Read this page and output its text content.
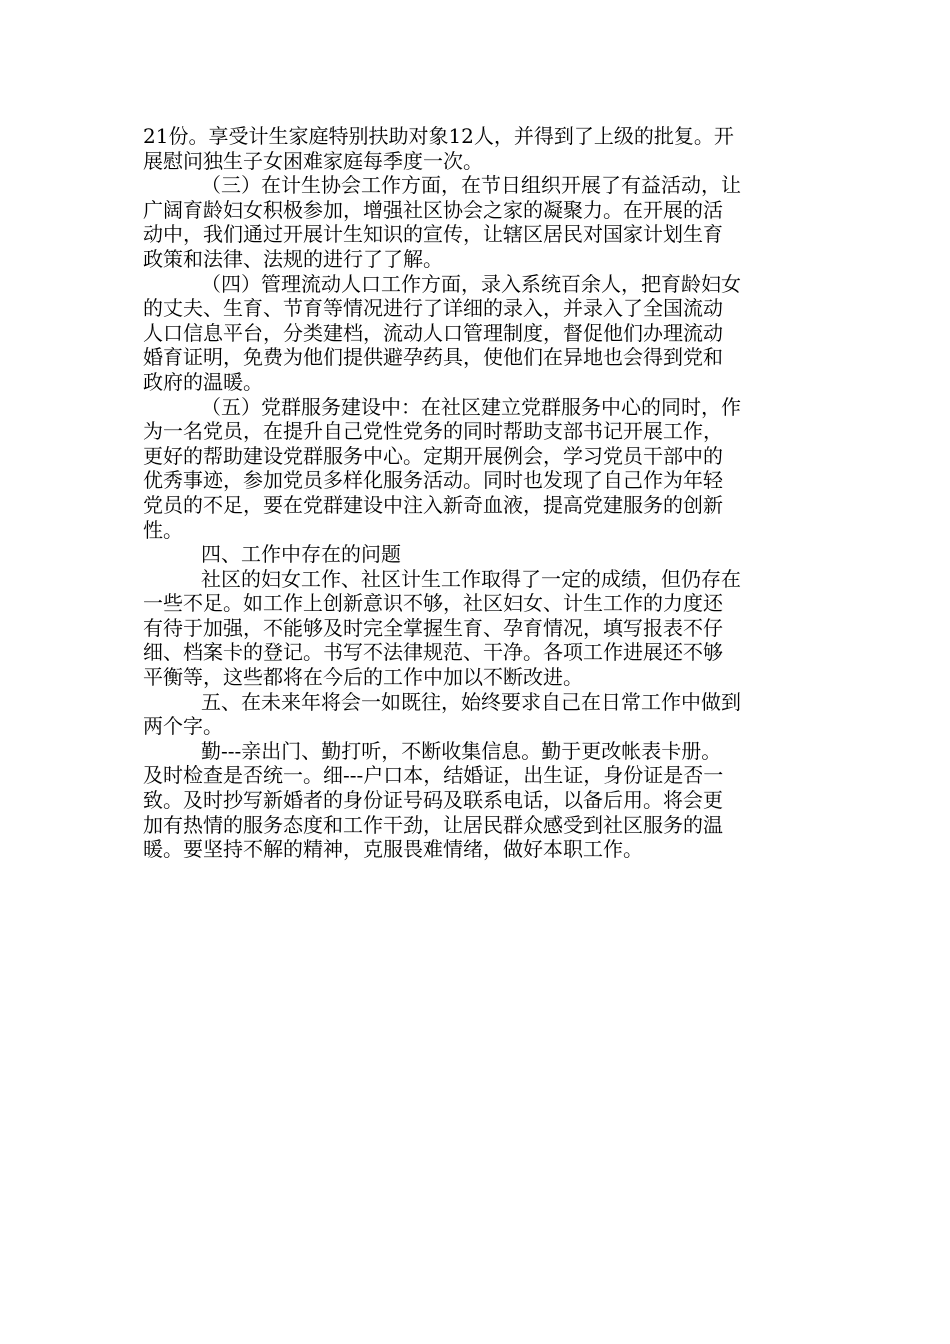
21份。享受计生家庭特别扶助对象12人，并得到了上级的批复。开
展慰问独生子女困难家庭每季度一次。
（三）在计生协会工作方面，在节日组织开展了有益活动，让
广阔育龄妇女积极参加，增强社区协会之家的凝聚力。在开展的活
动中，我们通过开展计生知识的宣传，让辖区居民对国家计划生育
政策和法律、法规的进行了了解。
（四）管理流动人口工作方面，录入系统百余人，把育龄妇女
的丈夫、生育、节育等情况进行了详细的录入，并录入了全国流动
人口信息平台，分类建档，流动人口管理制度，督促他们办理流动
婚育证明，免费为他们提供避孕药具，使他们在异地也会得到党和
政府的温暖。
（五）党群服务建设中：在社区建立党群服务中心的同时，作
为一名党员，在提升自己党性党务的同时帮助支部书记开展工作，
更好的帮助建设党群服务中心。定期开展例会，学习党员干部中的
优秀事迹，参加党员多样化服务活动。同时也发现了自己作为年轻
党员的不足，要在党群建设中注入新奇血液，提高党建服务的创新
性。
四、工作中存在的问题
社区的妇女工作、社区计生工作取得了一定的成绩，但仍存在
一些不足。如工作上创新意识不够，社区妇女、计生工作的力度还
有待于加强，不能够及时完全掌握生育、孕育情况，填写报表不仔
细、档案卡的登记。书写不法律规范、干净。各项工作进展还不够
平衡等，这些都将在今后的工作中加以不断改进。
五、在未来年将会一如既往，始终要求自己在日常工作中做到
两个字。
勤---亲出门、勤打听，不断收集信息。勤于更改帐表卡册。
及时检查是否统一。细---户口本，结婚证，出生证，身份证是否一
致。及时抄写新婚者的身份证号码及联系电话，以备后用。将会更
加有热情的服务态度和工作干劲，让居民群众感受到社区服务的温
暖。要坚持不解的精神，克服畏难情绪，做好本职工作。
